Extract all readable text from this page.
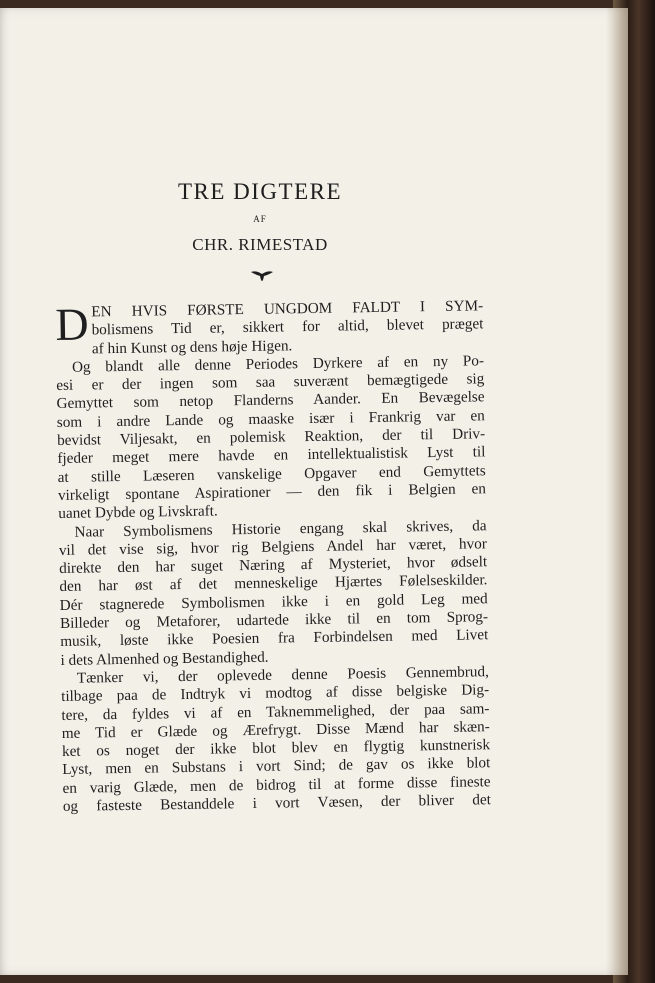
TRE DIGTERE
AF
CHR. RIMESTAD
D EN HVIS FØRSTE UNGDOM FALDT I SYM-
bolismens Tid er, sikkert for altid, blevet præget
af hin Kunst og dens høje Higen.
Og blandt alle denne Periodes Dyrkere af en ny Po-
esi er der ingen som saa suverænt bemægtigede sig
Gemyttet som netop Flanderns Aander. En Bevægelse
som i andre Lande og maaske især i Frankrig var en
bevidst Viljesakt, en polemisk Reaktion, der til Driv-
fjeder meget mere havde en intellektualistisk Lyst til
at stille Læseren vanskelige Opgaver end Gemyttets
virkeligt spontane Aspirationer — den fik i Belgien en
uanet Dybde og Livskraft.
Naar Symbolismens Historie engang skal skrives, da
vil det vise sig, hvor rig Belgiens Andel har været, hvor
direkte den har suget Næring af Mysteriet, hvor ødselt
den har øst af det menneskelige Hjærtes Følelseskilder.
Dér stagnerede Symbolismen ikke i en gold Leg med
Billeder og Metaforer, udartede ikke til en tom Sprog-
musik, løste ikke Poesien fra Forbindelsen med Livet
i dets Almenhed og Bestandighed.
Tænker vi, der oplevede denne Poesis Gennembrud,
tilbage paa de Indtryk vi modtog af disse belgiske Dig-
tere, da fyldes vi af en Taknemmelighed, der paa sam-
me Tid er Glæde og Ærefrygt. Disse Mænd har skæn-
ket os noget der ikke blot blev en flygtig kunstnerisk
Lyst, men en Substans i vort Sind; de gav os ikke blot
en varig Glæde, men de bidrog til at forme disse fineste
og fasteste Bestanddele i vort Væsen, der bliver det
